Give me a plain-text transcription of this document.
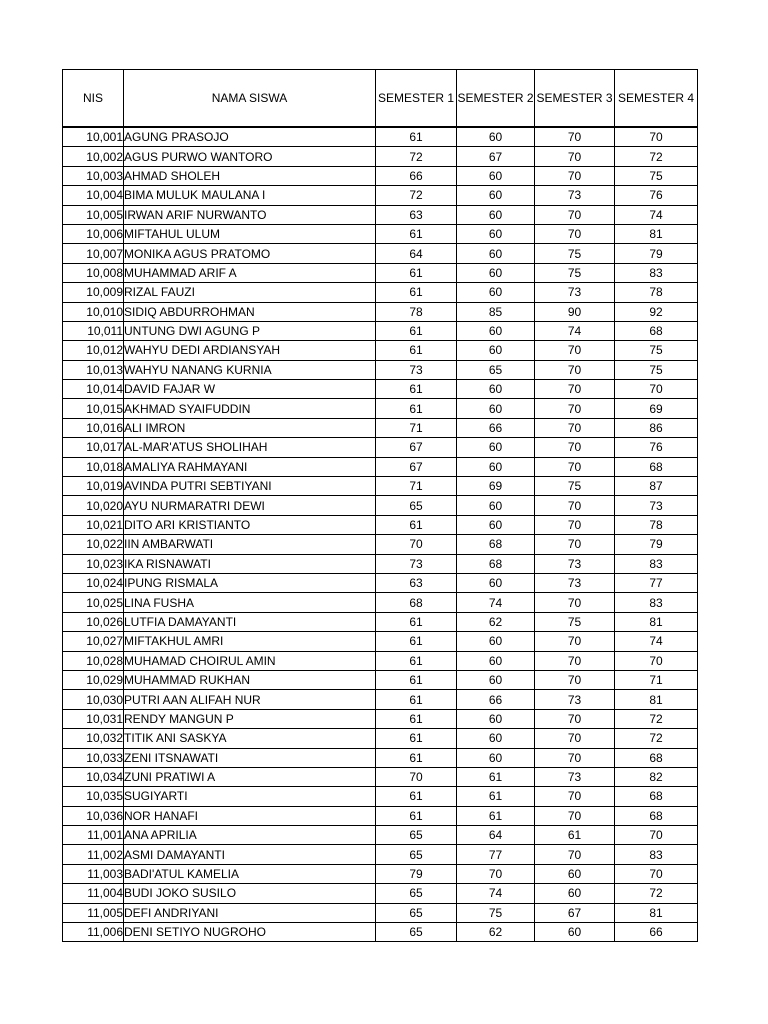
NIS	NAMA SISWA	SEMESTER 1	SEMESTER 2	SEMESTER 3	SEMESTER 4
10,001	AGUNG PRASOJO	61	60	70	70
10,002	AGUS PURWO WANTORO	72	67	70	72
10,003	AHMAD SHOLEH	66	60	70	75
10,004	BIMA MULUK MAULANA I	72	60	73	76
10,005	IRWAN ARIF NURWANTO	63	60	70	74
10,006	MIFTAHUL ULUM	61	60	70	81
10,007	MONIKA AGUS PRATOMO	64	60	75	79
10,008	MUHAMMAD ARIF A	61	60	75	83
10,009	RIZAL FAUZI	61	60	73	78
10,010	SIDIQ ABDURROHMAN	78	85	90	92
10,011	UNTUNG DWI AGUNG P	61	60	74	68
10,012	WAHYU DEDI ARDIANSYAH	61	60	70	75
10,013	WAHYU NANANG KURNIA	73	65	70	75
10,014	DAVID FAJAR W	61	60	70	70
10,015	AKHMAD SYAIFUDDIN	61	60	70	69
10,016	ALI IMRON	71	66	70	86
10,017	AL-MAR'ATUS SHOLIHAH	67	60	70	76
10,018	AMALIYA RAHMAYANI	67	60	70	68
10,019	AVINDA PUTRI SEBTIYANI	71	69	75	87
10,020	AYU NURMARATRI DEWI	65	60	70	73
10,021	DITO ARI KRISTIANTO	61	60	70	78
10,022	IIN AMBARWATI	70	68	70	79
10,023	IKA RISNAWATI	73	68	73	83
10,024	IPUNG RISMALA	63	60	73	77
10,025	LINA FUSHA	68	74	70	83
10,026	LUTFIA DAMAYANTI	61	62	75	81
10,027	MIFTAKHUL AMRI	61	60	70	74
10,028	MUHAMAD CHOIRUL AMIN	61	60	70	70
10,029	MUHAMMAD RUKHAN	61	60	70	71
10,030	PUTRI AAN ALIFAH NUR	61	66	73	81
10,031	RENDY MANGUN P	61	60	70	72
10,032	TITIK ANI SASKYA	61	60	70	72
10,033	ZENI ITSNAWATI	61	60	70	68
10,034	ZUNI PRATIWI A	70	61	73	82
10,035	SUGIYARTI	61	61	70	68
10,036	NOR HANAFI	61	61	70	68
11,001	ANA APRILIA	65	64	61	70
11,002	ASMI DAMAYANTI	65	77	70	83
11,003	BADI'ATUL KAMELIA	79	70	60	70
11,004	BUDI JOKO SUSILO	65	74	60	72
11,005	DEFI ANDRIYANI	65	75	67	81
11,006	DENI SETIYO NUGROHO	65	62	60	66
